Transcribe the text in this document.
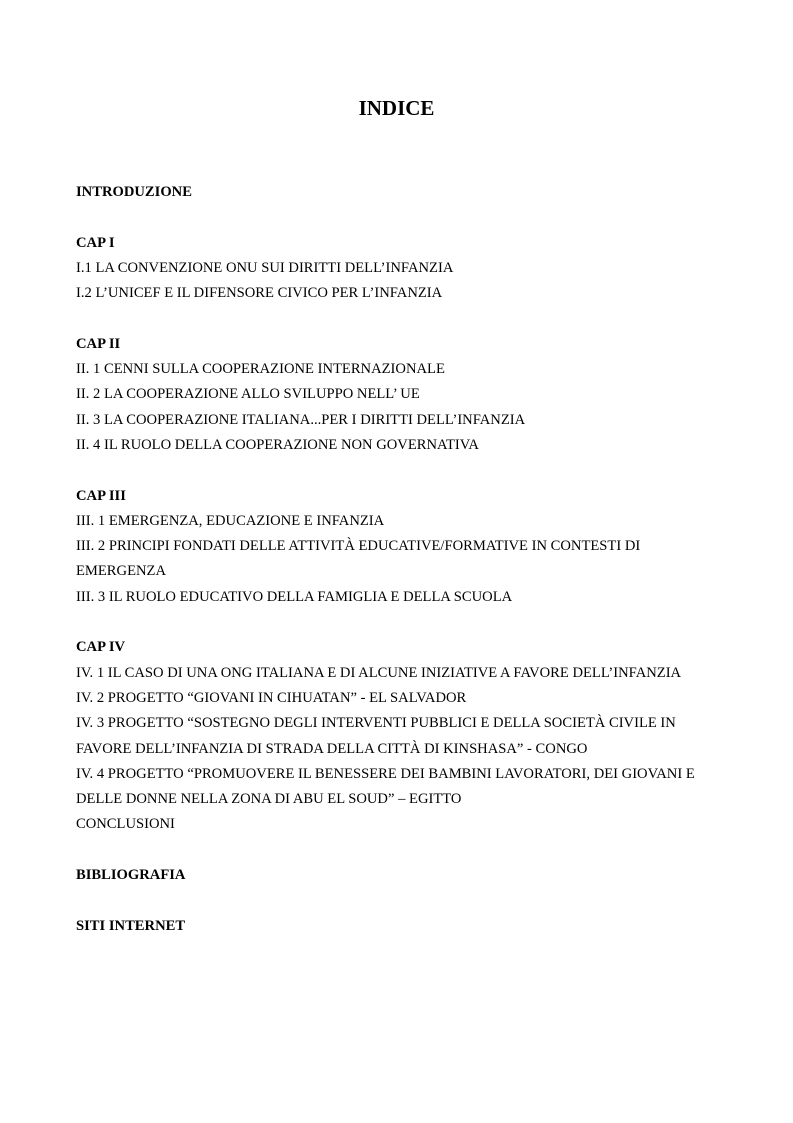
INDICE
INTRODUZIONE
CAP I
I.1 LA CONVENZIONE ONU SUI DIRITTI DELL’INFANZIA
I.2 L’UNICEF E IL DIFENSORE CIVICO PER L’INFANZIA
CAP II
II. 1 CENNI SULLA COOPERAZIONE INTERNAZIONALE
II. 2 LA COOPERAZIONE ALLO SVILUPPO NELL’ UE
II. 3 LA COOPERAZIONE ITALIANA...PER I DIRITTI DELL’INFANZIA
II. 4 IL RUOLO DELLA COOPERAZIONE NON GOVERNATIVA
CAP III
III. 1 EMERGENZA, EDUCAZIONE E INFANZIA
III. 2 PRINCIPI FONDATI DELLE ATTIVITÀ EDUCATIVE/FORMATIVE IN CONTESTI DI
EMERGENZA
III. 3 IL RUOLO EDUCATIVO DELLA FAMIGLIA E DELLA SCUOLA
CAP IV
IV. 1 IL CASO DI UNA ONG ITALIANA E DI ALCUNE INIZIATIVE A FAVORE DELL’INFANZIA
IV. 2 PROGETTO “GIOVANI IN CIHUATAN” - EL SALVADOR
IV. 3 PROGETTO “SOSTEGNO DEGLI INTERVENTI PUBBLICI E DELLA SOCIETÀ CIVILE IN
FAVORE DELL’INFANZIA DI STRADA DELLA CITTÀ DI KINSHASA” - CONGO
IV. 4 PROGETTO “PROMUOVERE IL BENESSERE DEI BAMBINI LAVORATORI, DEI GIOVANI E
DELLE DONNE NELLA ZONA DI ABU EL SOUD” – EGITTO
CONCLUSIONI
BIBLIOGRAFIA
SITI INTERNET
